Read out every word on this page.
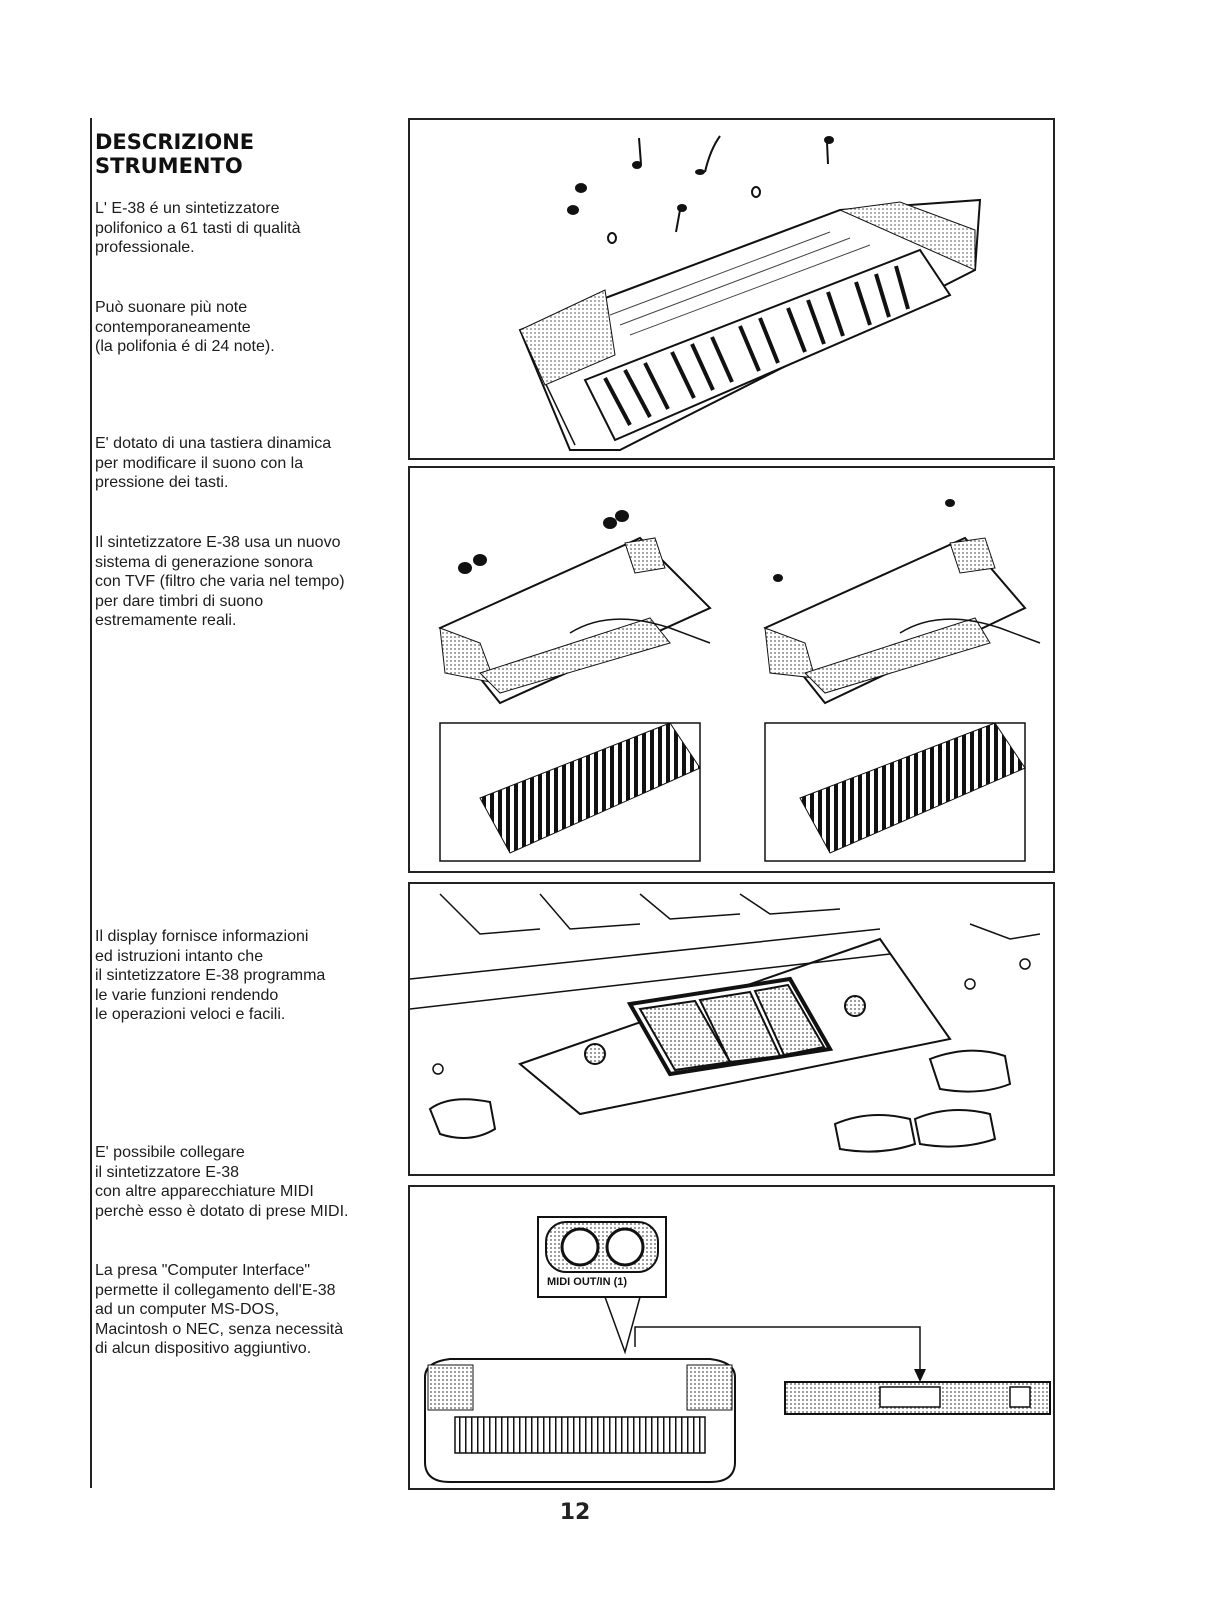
DESCRIZIONE
STRUMENTO

L' E-38 é un sintetizzatore
polifonico a 61 tasti di qualità
professionale.

Può suonare più note
contemporaneamente
(la polifonia é di 24 note).

E' dotato di una tastiera dinamica
per modificare il suono con la
pressione dei tasti.

Il sintetizzatore E-38 usa un nuovo
sistema di generazione sonora
con TVF (filtro che varia nel tempo)
per dare timbri di suono
estremamente reali.

Il display fornisce informazioni
ed istruzioni intanto che
il sintetizzatore E-38 programma
le varie funzioni rendendo
le operazioni veloci e facili.

E' possibile collegare
il sintetizzatore E-38
con altre apparecchiature MIDI
perchè esso è dotato di prese MIDI.

La presa "Computer Interface"
permette il collegamento dell'E-38
ad un computer MS-DOS,
Macintosh o NEC, senza necessità
di alcun dispositivo aggiuntivo.

MIDI OUT/IN (1)
12
